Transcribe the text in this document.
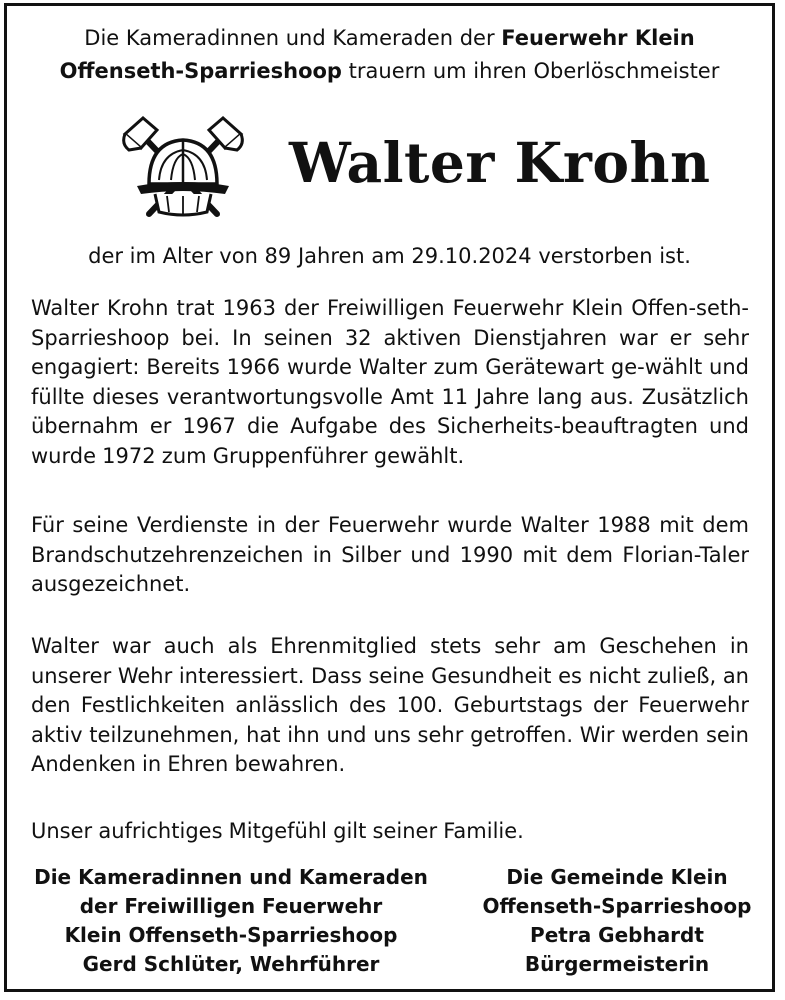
Die Kameradinnen und Kameraden der Feuerwehr Klein
Offenseth-Sparrieshoop trauern um ihren Oberlöschmeister
Walter Krohn
der im Alter von 89 Jahren am 29.10.2024 verstorben ist.
Walter Krohn trat 1963 der Freiwilligen Feuerwehr Klein Offen-seth-Sparrieshoop bei. In seinen 32 aktiven Dienstjahren war er sehr engagiert: Bereits 1966 wurde Walter zum Gerätewart ge-wählt und füllte dieses verantwortungsvolle Amt 11 Jahre lang aus. Zusätzlich übernahm er 1967 die Aufgabe des Sicherheits-beauftragten und wurde 1972 zum Gruppenführer gewählt.
Für seine Verdienste in der Feuerwehr wurde Walter 1988 mit dem Brandschutzehrenzeichen in Silber und 1990 mit dem Florian-Taler ausgezeichnet.
Walter war auch als Ehrenmitglied stets sehr am Geschehen in unserer Wehr interessiert. Dass seine Gesundheit es nicht zuließ, an den Festlichkeiten anlässlich des 100. Geburtstags der Feuerwehr aktiv teilzunehmen, hat ihn und uns sehr getroffen. Wir werden sein Andenken in Ehren bewahren.
Unser aufrichtiges Mitgefühl gilt seiner Familie.
Die Kameradinnen und Kameraden
der Freiwilligen Feuerwehr
Klein Offenseth-Sparrieshoop
Gerd Schlüter, Wehrführer
Die Gemeinde Klein
Offenseth-Sparrieshoop
Petra Gebhardt
Bürgermeisterin
